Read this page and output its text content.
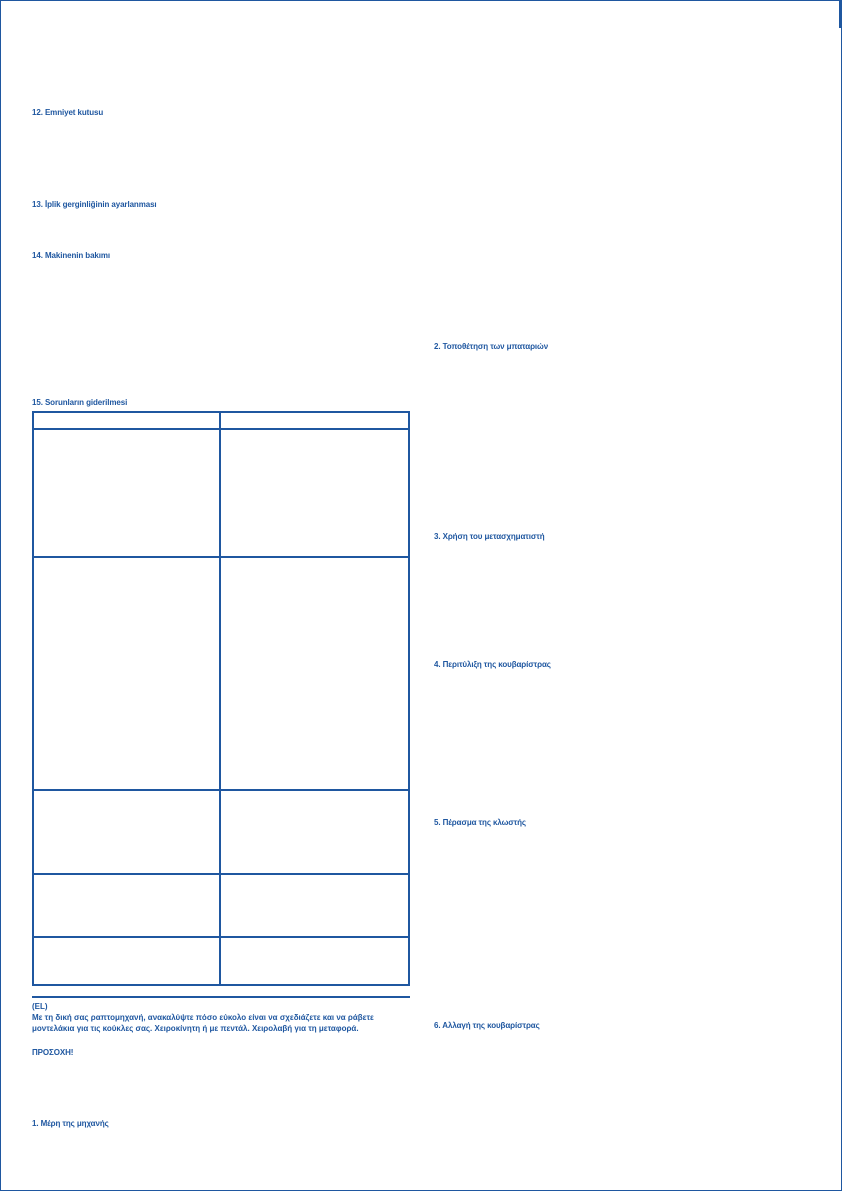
12. Emniyet kutusu
13. İplik gerginliğinin ayarlanması
14. Makinenin bakımı
15. Sorunların giderilmesi
(EL)
Με τη δική σας ραπτομηχανή, ανακαλύψτε πόσο εύκολο είναι να σχεδιάζετε και να ράβετε
μοντελάκια για τις κούκλες σας. Χειροκίνητη ή με πεντάλ. Χειρολαβή για τη μεταφορά.
ΠΡΟΣΟΧΗ!
1. Μέρη της μηχανής
2. Τοποθέτηση των μπαταριών
3. Χρήση του μετασχηματιστή
4. Περιτύλιξη της κουβαρίστρας
5. Πέρασμα της κλωστής
6. Αλλαγή της κουβαρίστρας
